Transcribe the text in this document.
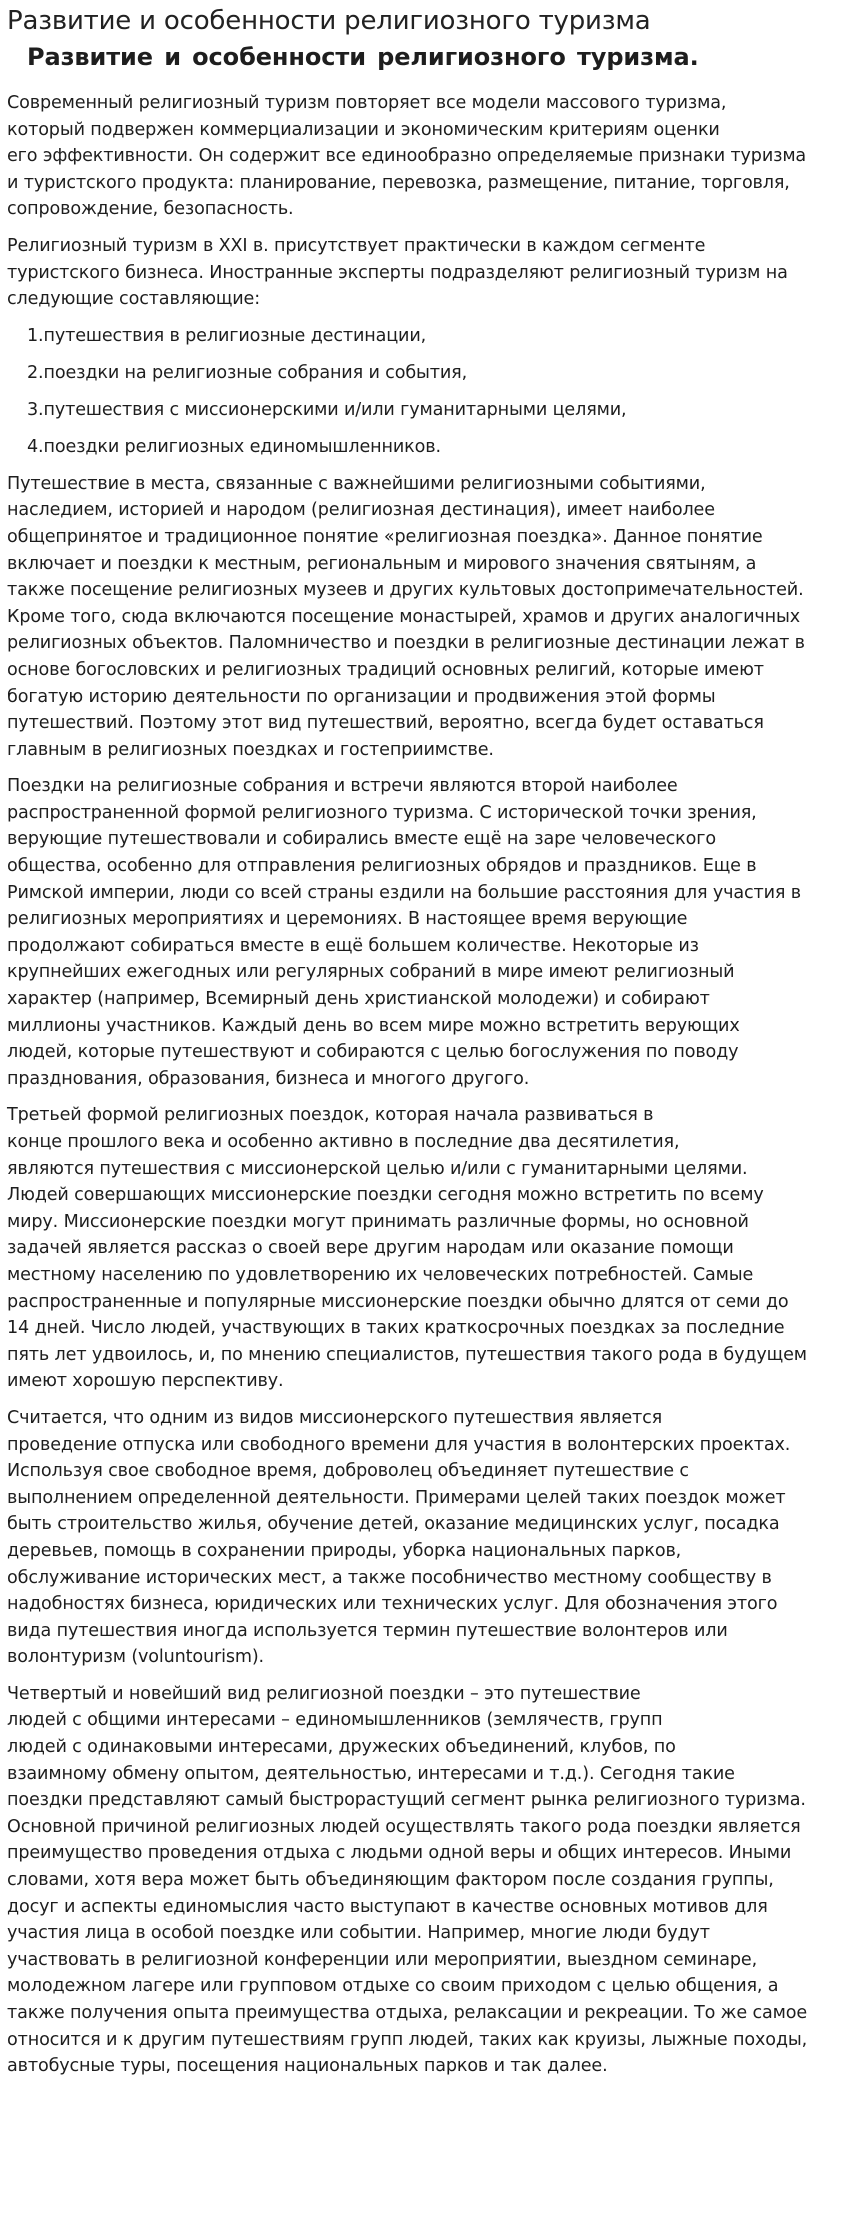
Развитие и особенности религиозного туризма
Развитие и особенности религиозного туризма.
Современный религиозный туризм повторяет все модели массового туризма,
который подвержен коммерциализации и экономическим критериям оценки
его эффективности. Он содержит все единообразно определяемые признаки туризма
и туристского продукта: планирование, перевозка, размещение, питание, торговля,
сопровождение, безопасность.
Религиозный туризм в XXI в. присутствует практически в каждом сегменте
туристского бизнеса. Иностранные эксперты подразделяют религиозный туризм на
следующие составляющие:
1.путешествия в религиозные дестинации,
2.поездки на религиозные собрания и события,
3.путешествия с миссионерскими и/или гуманитарными целями,
4.поездки религиозных единомышленников.
Путешествие в места, связанные с важнейшими религиозными событиями,
наследием, историей и народом (религиозная дестинация), имеет наиболее
общепринятое и традиционное понятие «религиозная поездка». Данное понятие
включает и поездки к местным, региональным и мирового значения святыням, а
также посещение религиозных музеев и других культовых достопримечательностей.
Кроме того, сюда включаются посещение монастырей, храмов и других аналогичных
религиозных объектов. Паломничество и поездки в религиозные дестинации лежат в
основе богословских и религиозных традиций основных религий, которые имеют
богатую историю деятельности по организации и продвижения этой формы
путешествий. Поэтому этот вид путешествий, вероятно, всегда будет оставаться
главным в религиозных поездках и гостеприимстве.
Поездки на религиозные собрания и встречи являются второй наиболее
распространенной формой религиозного туризма. С исторической точки зрения,
верующие путешествовали и собирались вместе ещё на заре человеческого
общества, особенно для отправления религиозных обрядов и праздников. Еще в
Римской империи, люди со всей страны ездили на большие расстояния для участия в
религиозных мероприятиях и церемониях. В настоящее время верующие
продолжают собираться вместе в ещё большем количестве. Некоторые из
крупнейших ежегодных или регулярных собраний в мире имеют религиозный
характер (например, Всемирный день христианской молодежи) и собирают
миллионы участников. Каждый день во всем мире можно встретить верующих
людей, которые путешествуют и собираются с целью богослужения по поводу
празднования, образования, бизнеса и многого другого.
Третьей формой религиозных поездок, которая начала развиваться в
конце прошлого века и особенно активно в последние два десятилетия,
являются путешествия с миссионерской целью и/или с гуманитарными целями.
Людей совершающих миссионерские поездки сегодня можно встретить по всему
миру. Миссионерские поездки могут принимать различные формы, но основной
задачей является рассказ о своей вере другим народам или оказание помощи
местному населению по удовлетворению их человеческих потребностей. Самые
распространенные и популярные миссионерские поездки обычно длятся от семи до
14 дней. Число людей, участвующих в таких краткосрочных поездках за последние
пять лет удвоилось, и, по мнению специалистов, путешествия такого рода в будущем
имеют хорошую перспективу.
Считается, что одним из видов миссионерского путешествия является
проведение отпуска или свободного времени для участия в волонтерских проектах.
Используя свое свободное время, доброволец объединяет путешествие с
выполнением определенной деятельности. Примерами целей таких поездок может
быть строительство жилья, обучение детей, оказание медицинских услуг, посадка
деревьев, помощь в сохранении природы, уборка национальных парков,
обслуживание исторических мест, а также пособничество местному сообществу в
надобностях бизнеса, юридических или технических услуг. Для обозначения этого
вида путешествия иногда используется термин путешествие волонтеров или
волонтуризм (voluntourism).
Четвертый и новейший вид религиозной поездки – это путешествие
людей с общими интересами – единомышленников (землячеств, групп
людей с одинаковыми интересами, дружеских объединений, клубов, по
взаимному обмену опытом, деятельностью, интересами и т.д.). Сегодня такие
поездки представляют самый быстрорастущий сегмент рынка религиозного туризма.
Основной причиной религиозных людей осуществлять такого рода поездки является
преимущество проведения отдыха с людьми одной веры и общих интересов. Иными
словами, хотя вера может быть объединяющим фактором после создания группы,
досуг и аспекты единомыслия часто выступают в качестве основных мотивов для
участия лица в особой поездке или событии. Например, многие люди будут
участвовать в религиозной конференции или мероприятии, выездном семинаре,
молодежном лагере или групповом отдыхе со своим приходом с целью общения, а
также получения опыта преимущества отдыха, релаксации и рекреации. То же самое
относится и к другим путешествиям групп людей, таких как круизы, лыжные походы,
автобусные туры, посещения национальных парков и так далее.
